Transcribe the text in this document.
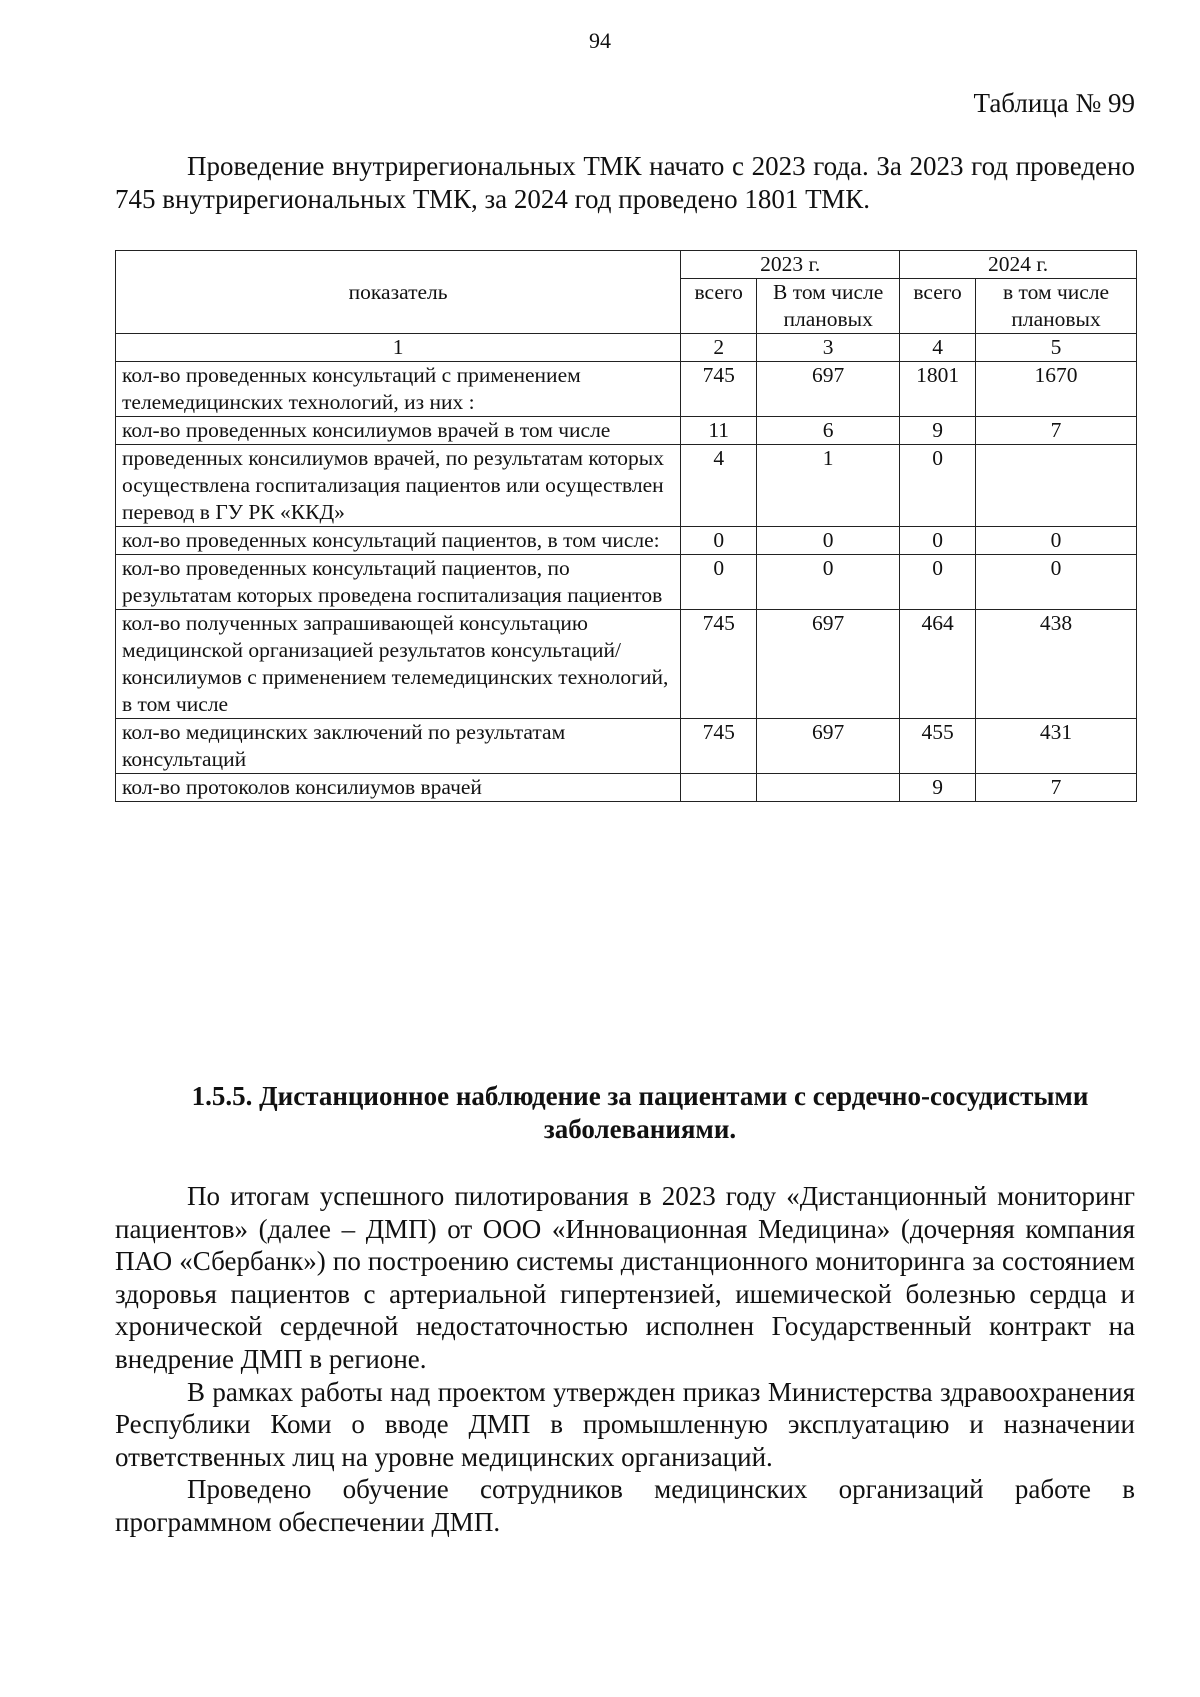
94
Таблица № 99

Проведение внутрирегиональных ТМК начато с 2023 года. За 2023 год проведено 745 внутрирегиональных ТМК, за 2024 год проведено 1801 ТМК.

показатель	2023 г.		2024 г.	
	всего	В том числе плановых	всего	в том числе плановых
1	2	3	4	5
кол-во проведенных консультаций с применением телемедицинских технологий, из них :	745	697	1801	1670
кол-во проведенных консилиумов врачей в том числе	11	6	9	7
проведенных консилиумов врачей, по результатам которых осуществлена госпитализация пациентов или осуществлен перевод в ГУ РК «ККД»	4	1	0	
кол-во проведенных консультаций пациентов, в том числе:	0	0	0	0
кол-во проведенных консультаций пациентов, по результатам которых проведена госпитализация пациентов	0	0	0	0
кол-во полученных запрашивающей консультацию медицинской организацией результатов консультаций/консилиумов с применением телемедицинских технологий, в том числе	745	697	464	438
кол-во медицинских заключений по результатам консультаций	745	697	455	431
кол-во протоколов консилиумов врачей			9	7
1.5.5. Дистанционное наблюдение за пациентами с сердечно-сосудистыми заболеваниями.

По итогам успешного пилотирования в 2023 году «Дистанционный мониторинг пациентов» (далее – ДМП) от ООО «Инновационная Медицина» (дочерняя компания ПАО «Сбербанк») по построению системы дистанционного мониторинга за состоянием здоровья пациентов с артериальной гипертензией, ишемической болезнью сердца и хронической сердечной недостаточностью исполнен Государственный контракт на внедрение ДМП в регионе.

В рамках работы над проектом утвержден приказ Министерства здравоохранения Республики Коми о вводе ДМП в промышленную эксплуатацию и назначении ответственных лиц на уровне медицинских организаций.

Проведено обучение сотрудников медицинских организаций работе в программном обеспечении ДМП.
